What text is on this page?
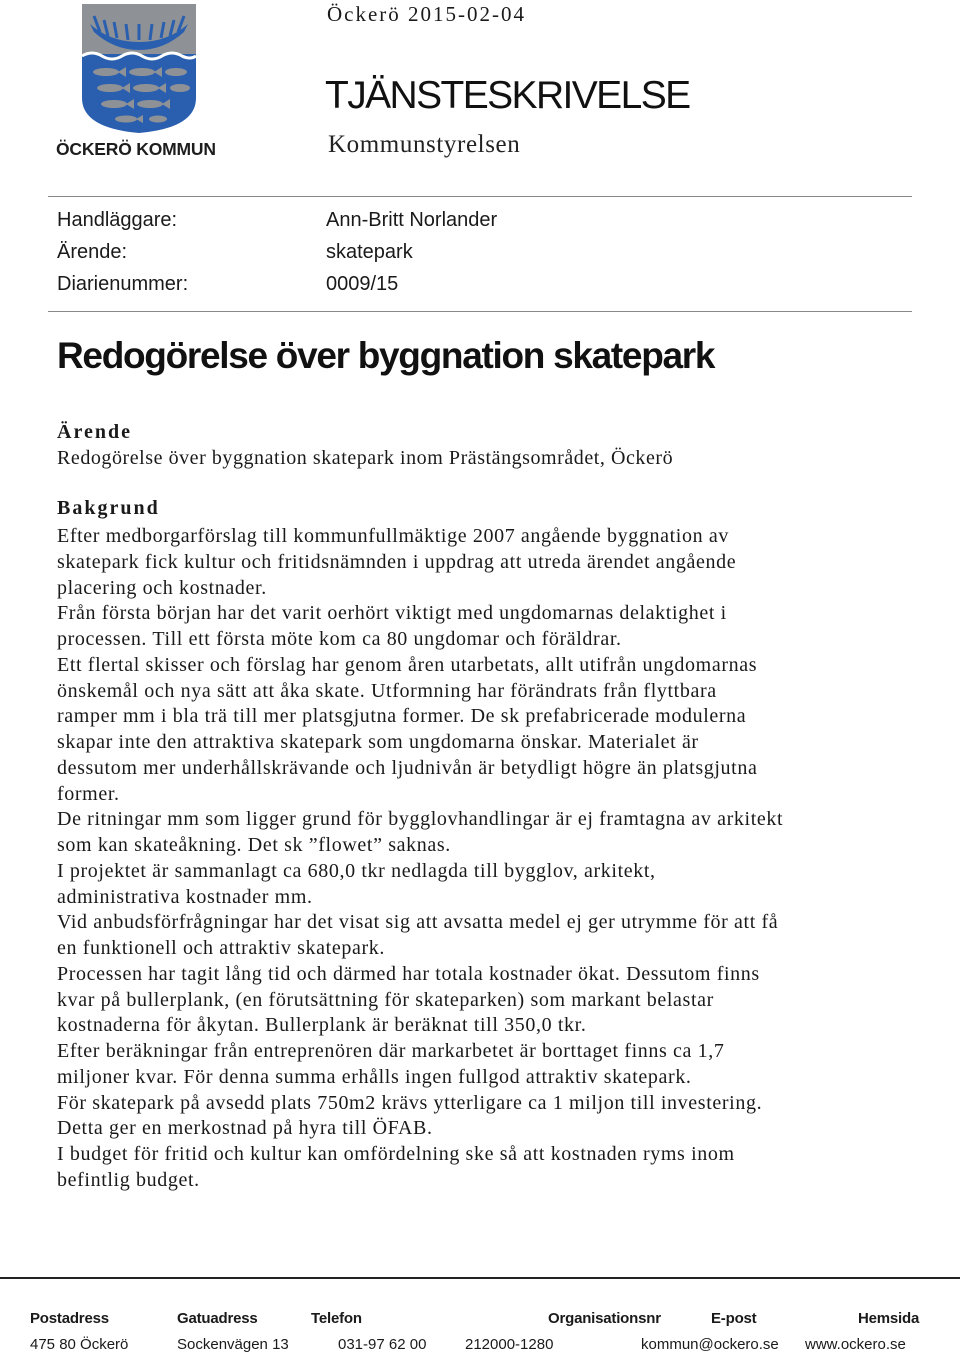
ÖCKERÖ KOMMUN
Öckerö 2015-02-04
TJÄNSTESKRIVELSE
Kommunstyrelsen
Handläggare:	Ann-Britt Norlander
Ärende:	skatepark
Diarienummer:	0009/15
Redogörelse över byggnation skatepark
Ärende
Redogörelse över byggnation skatepark inom Prästängsområdet, Öckerö
Bakgrund
Efter medborgarförslag till kommunfullmäktige 2007 angående byggnation av
skatepark fick kultur och fritidsnämnden i uppdrag att utreda ärendet angående
placering och kostnader.
Från första början har det varit oerhört viktigt med ungdomarnas delaktighet i
processen. Till ett första möte kom ca 80 ungdomar och föräldrar.
Ett flertal skisser och förslag har genom åren utarbetats, allt utifrån ungdomarnas
önskemål och nya sätt att åka skate. Utformning har förändrats från flyttbara
ramper mm i bla trä till mer platsgjutna former. De sk prefabricerade modulerna
skapar inte den attraktiva skatepark som ungdomarna önskar. Materialet är
dessutom mer underhållskrävande och ljudnivån är betydligt högre än platsgjutna
former.
De ritningar mm som ligger grund för bygglovhandlingar är ej framtagna av arkitekt
som kan skateåkning. Det sk ”flowet” saknas.
I projektet är sammanlagt ca 680,0 tkr nedlagda till bygglov, arkitekt,
administrativa kostnader mm.
Vid anbudsförfrågningar har det visat sig att avsatta medel ej ger utrymme för att få
en funktionell och attraktiv skatepark.
Processen har tagit lång tid och därmed har totala kostnader ökat. Dessutom finns
kvar på bullerplank, (en förutsättning för skateparken) som markant belastar
kostnaderna för åkytan. Bullerplank är beräknat till 350,0 tkr.
Efter beräkningar från entreprenören där markarbetet är borttaget finns ca 1,7
miljoner kvar. För denna summa erhålls ingen fullgod attraktiv skatepark.
För skatepark på avsedd plats 750m2 krävs ytterligare ca 1 miljon till investering.
Detta ger en merkostnad på hyra till ÖFAB.
I budget för fritid och kultur kan omfördelning ske så att kostnaden ryms inom
befintlig budget.
Postadress	Gatuadress	Telefon	Organisationsnr	E-post	Hemsida
475 80 Öckerö	Sockenvägen 13	031-97 62 00	212000-1280	kommun@ockero.se www.ockero.se
